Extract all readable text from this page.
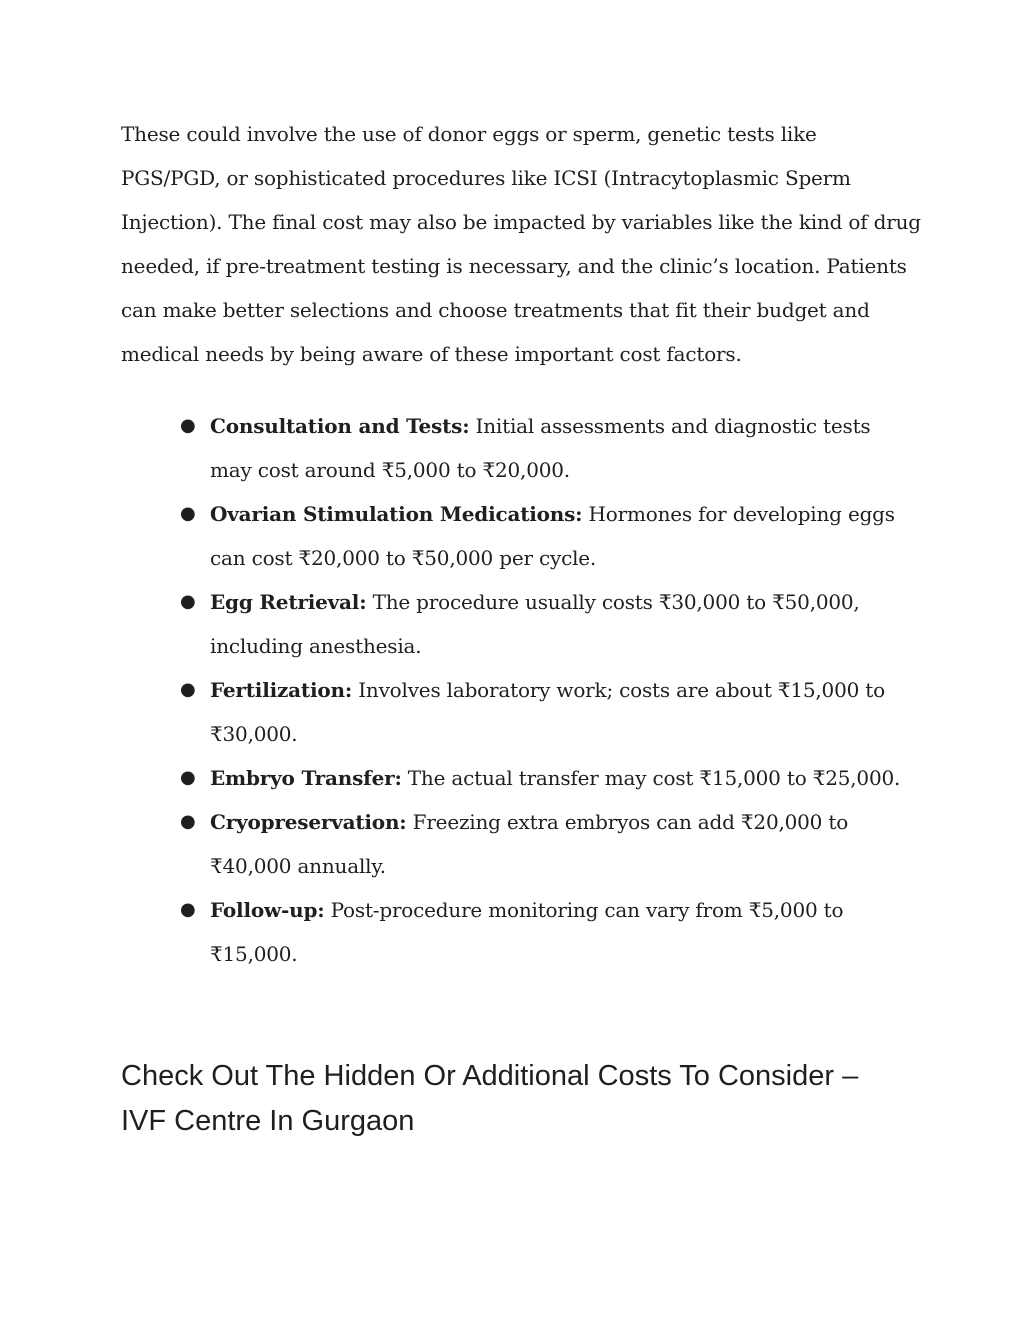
These could involve the use of donor eggs or sperm, genetic tests like PGS/PGD, or sophisticated procedures like ICSI (Intracytoplasmic Sperm Injection). The final cost may also be impacted by variables like the kind of drug needed, if pre-treatment testing is necessary, and the clinic’s location. Patients can make better selections and choose treatments that fit their budget and medical needs by being aware of these important cost factors.

● Consultation and Tests: Initial assessments and diagnostic tests may cost around ₹5,000 to ₹20,000.
● Ovarian Stimulation Medications: Hormones for developing eggs can cost ₹20,000 to ₹50,000 per cycle.
● Egg Retrieval: The procedure usually costs ₹30,000 to ₹50,000, including anesthesia.
● Fertilization: Involves laboratory work; costs are about ₹15,000 to ₹30,000.
● Embryo Transfer: The actual transfer may cost ₹15,000 to ₹25,000.
● Cryopreservation: Freezing extra embryos can add ₹20,000 to ₹40,000 annually.
● Follow-up: Post-procedure monitoring can vary from ₹5,000 to ₹15,000.
Check Out The Hidden Or Additional Costs To Consider – IVF Centre In Gurgaon
